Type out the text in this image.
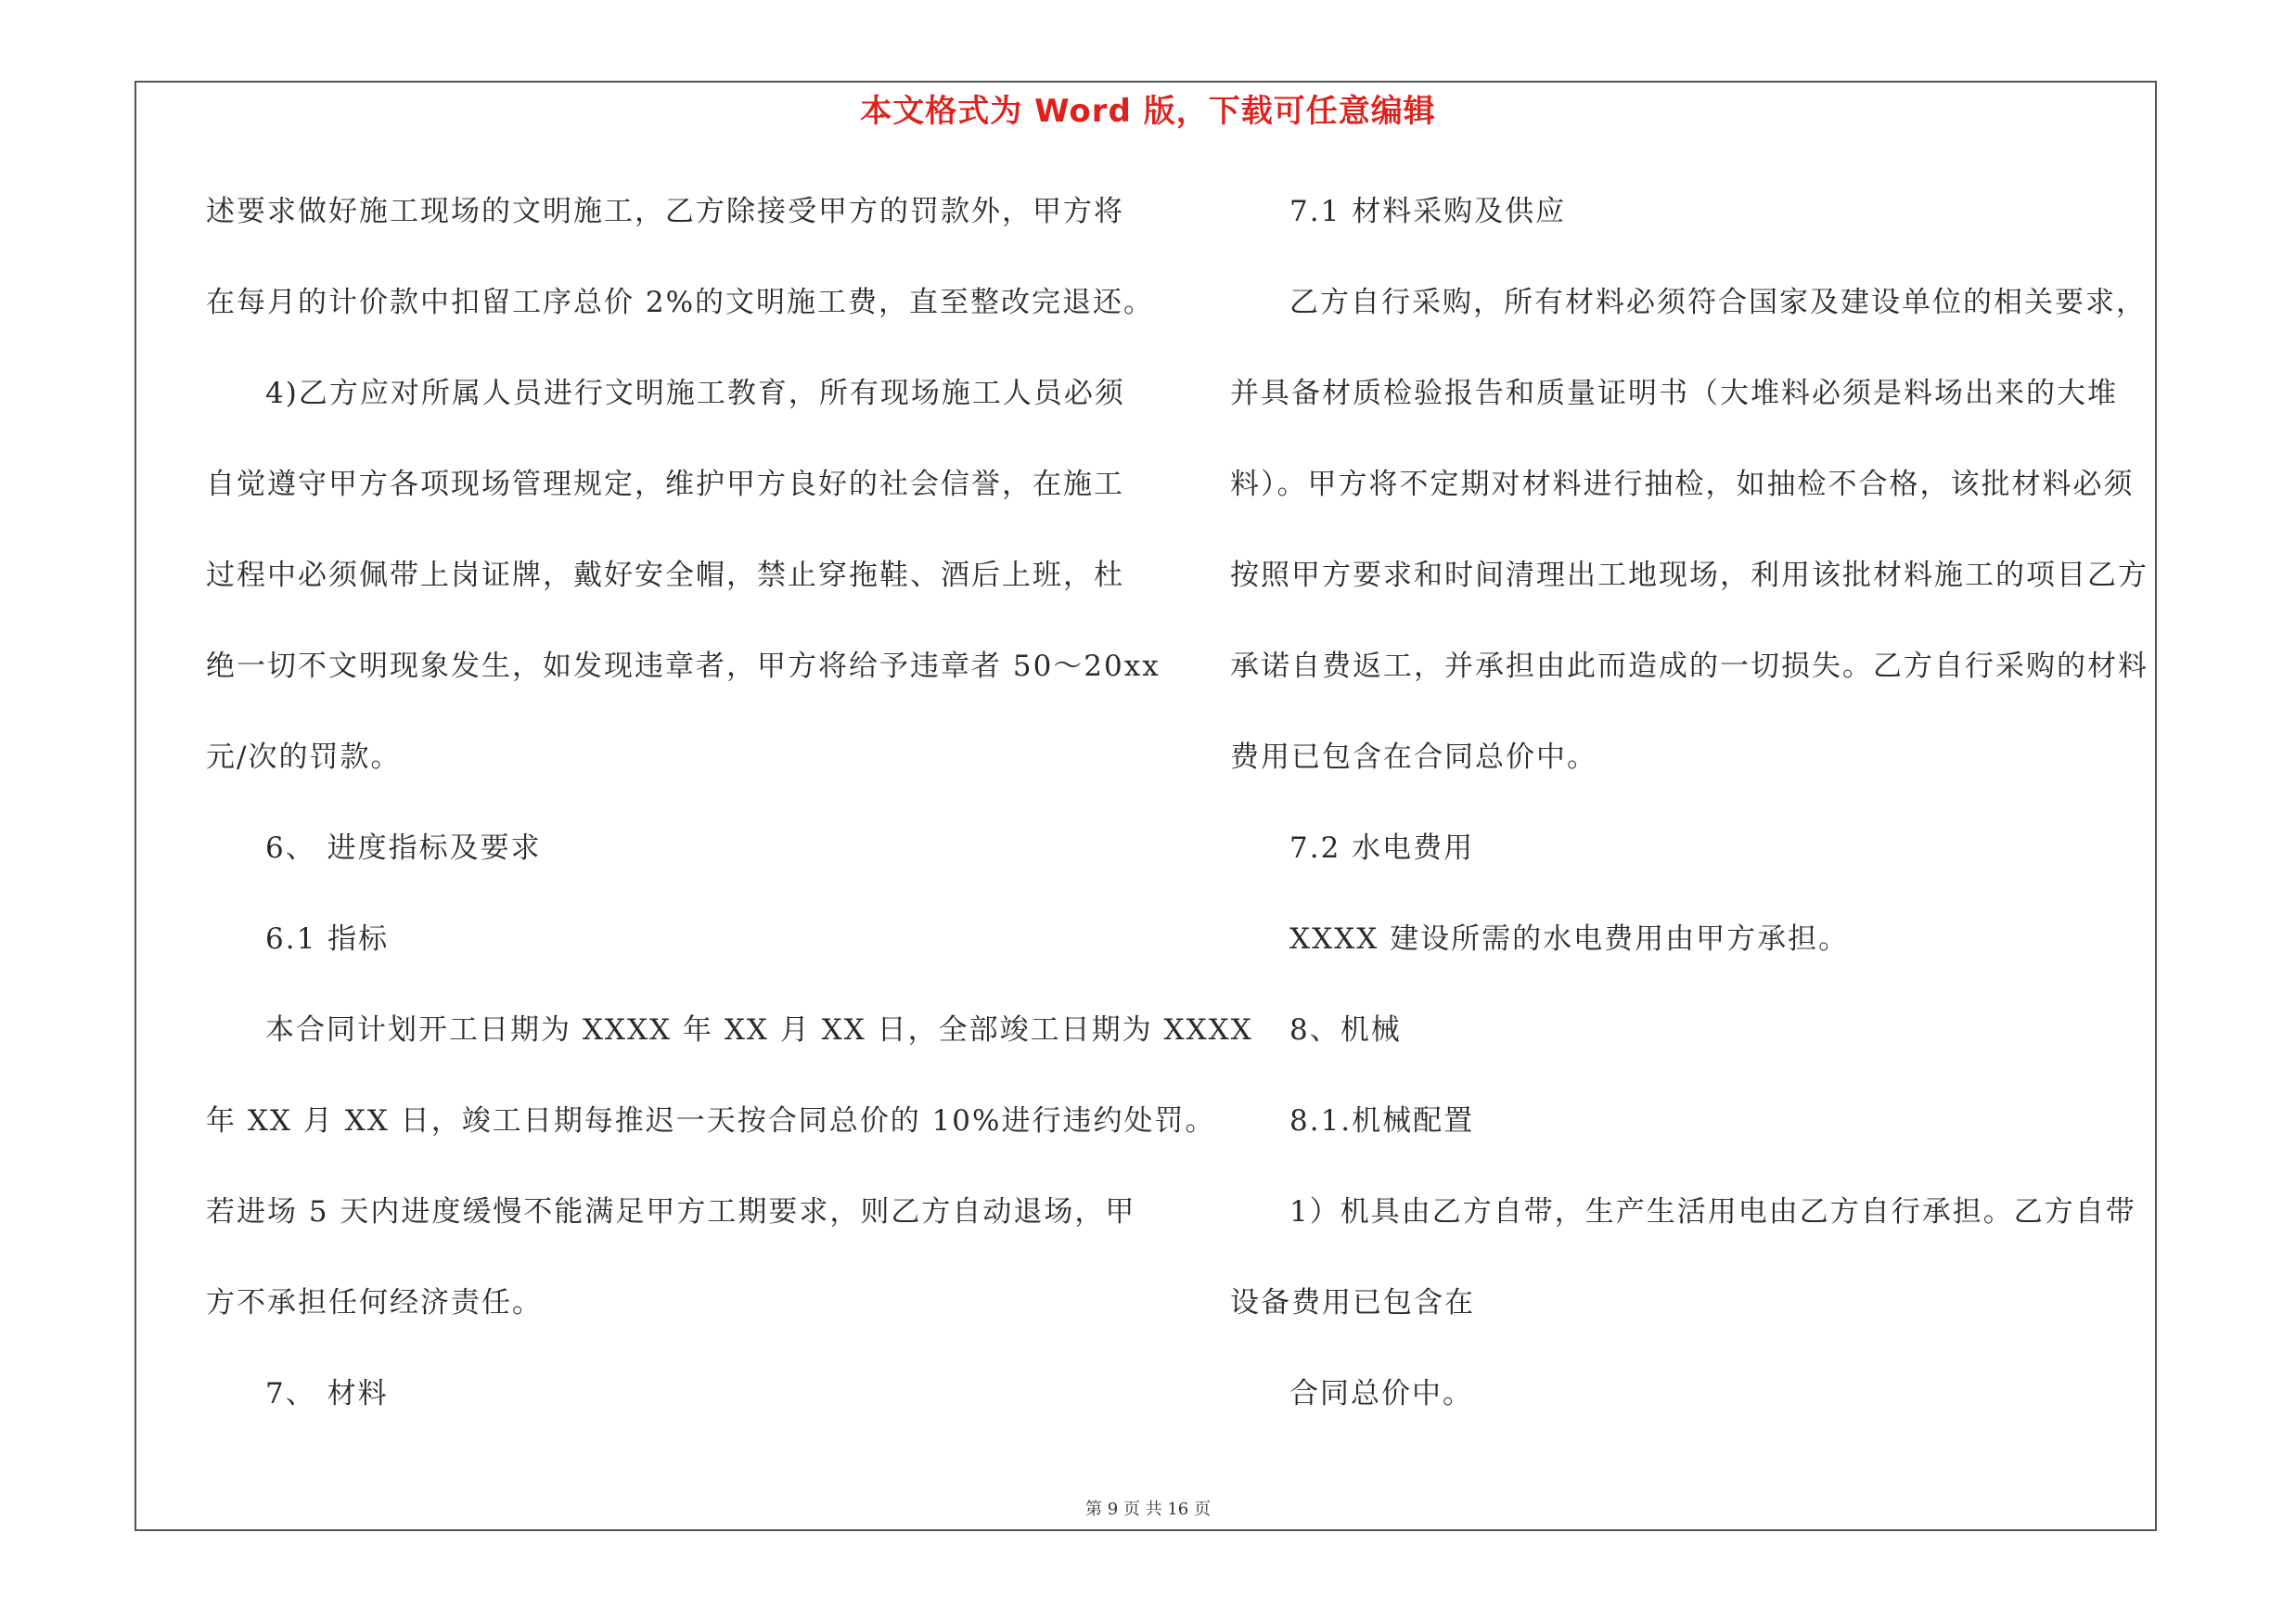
本文格式为 Word 版，下载可任意编辑
述要求做好施工现场的文明施工，乙方除接受甲方的罚款外，甲方将
在每月的计价款中扣留工序总价 2%的文明施工费，直至整改完退还。
4)乙方应对所属人员进行文明施工教育，所有现场施工人员必须
自觉遵守甲方各项现场管理规定，维护甲方良好的社会信誉，在施工
过程中必须佩带上岗证牌，戴好安全帽，禁止穿拖鞋、酒后上班，杜
绝一切不文明现象发生，如发现违章者，甲方将给予违章者 50～20xx
元/次的罚款。
6、 进度指标及要求
6.1 指标
本合同计划开工日期为 XXXX 年 XX 月 XX 日，全部竣工日期为 XXXX
年 XX 月 XX 日，竣工日期每推迟一天按合同总价的 10%进行违约处罚。
若进场 5 天内进度缓慢不能满足甲方工期要求，则乙方自动退场，甲
方不承担任何经济责任。
7、 材料
7.1 材料采购及供应
乙方自行采购，所有材料必须符合国家及建设单位的相关要求，
并具备材质检验报告和质量证明书（大堆料必须是料场出来的大堆
料）。甲方将不定期对材料进行抽检，如抽检不合格，该批材料必须
按照甲方要求和时间清理出工地现场，利用该批材料施工的项目乙方
承诺自费返工，并承担由此而造成的一切损失。乙方自行采购的材料
费用已包含在合同总价中。
7.2 水电费用
XXXX 建设所需的水电费用由甲方承担。
8、机械
8.1.机械配置
1）机具由乙方自带，生产生活用电由乙方自行承担。乙方自带
设备费用已包含在
合同总价中。
第 9 页 共 16 页
